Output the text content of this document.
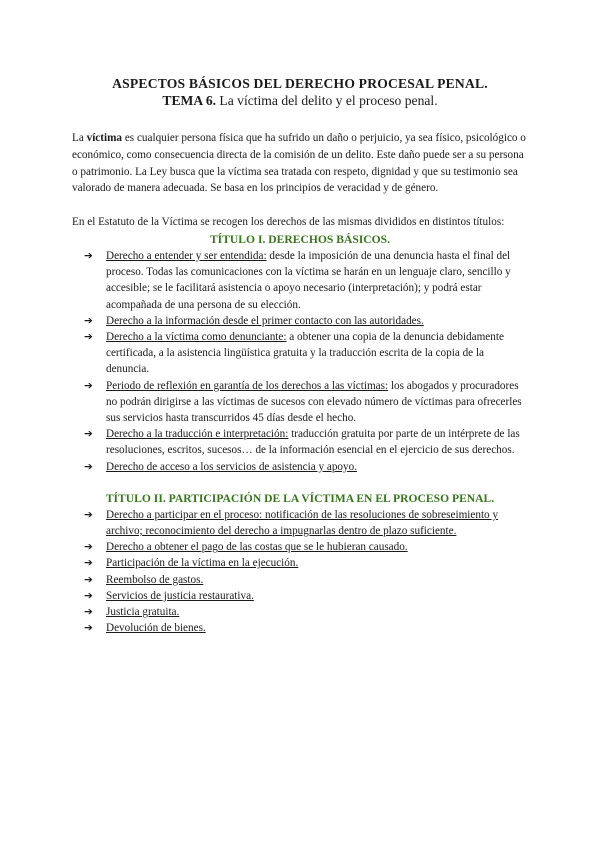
ASPECTOS BÁSICOS DEL DERECHO PROCESAL PENAL.
TEMA 6. La víctima del delito y el proceso penal.

La víctima es cualquier persona física que ha sufrido un daño o perjuicio, ya sea físico, psicológico o económico, como consecuencia directa de la comisión de un delito. Este daño puede ser a su persona o patrimonio. La Ley busca que la víctima sea tratada con respeto, dignidad y que su testimonio sea valorado de manera adecuada. Se basa en los principios de veracidad y de género.

En el Estatuto de la Víctima se recogen los derechos de las mismas divididos en distintos títulos:

TÍTULO I. DERECHOS BÁSICOS.
➔ Derecho a entender y ser entendida: desde la imposición de una denuncia hasta el final del proceso. Todas las comunicaciones con la víctima se harán en un lenguaje claro, sencillo y accesible; se le facilitará asistencia o apoyo necesario (interpretación); y podrá estar acompañada de una persona de su elección.
➔ Derecho a la información desde el primer contacto con las autoridades.
➔ Derecho a la víctima como denunciante: a obtener una copia de la denuncia debidamente certificada, a la asistencia lingüística gratuita y la traducción escrita de la copia de la denuncia.
➔ Periodo de reflexión en garantía de los derechos a las víctimas: los abogados y procuradores no podrán dirigirse a las víctimas de sucesos con elevado número de víctimas para ofrecerles sus servicios hasta transcurridos 45 días desde el hecho.
➔ Derecho a la traducción e interpretación: traducción gratuita por parte de un intérprete de las resoluciones, escritos, sucesos… de la información esencial en el ejercicio de sus derechos.
➔ Derecho de acceso a los servicios de asistencia y apoyo.
TÍTULO II. PARTICIPACIÓN DE LA VÍCTIMA EN EL PROCESO PENAL.
➔ Derecho a participar en el proceso: notificación de las resoluciones de sobreseimiento y archivo; reconocimiento del derecho a impugnarlas dentro de plazo suficiente.
➔ Derecho a obtener el pago de las costas que se le hubieran causado.
➔ Participación de la víctima en la ejecución.
➔ Reembolso de gastos.
➔ Servicios de justicia restaurativa.
➔ Justicia gratuita.
➔ Devolución de bienes.
